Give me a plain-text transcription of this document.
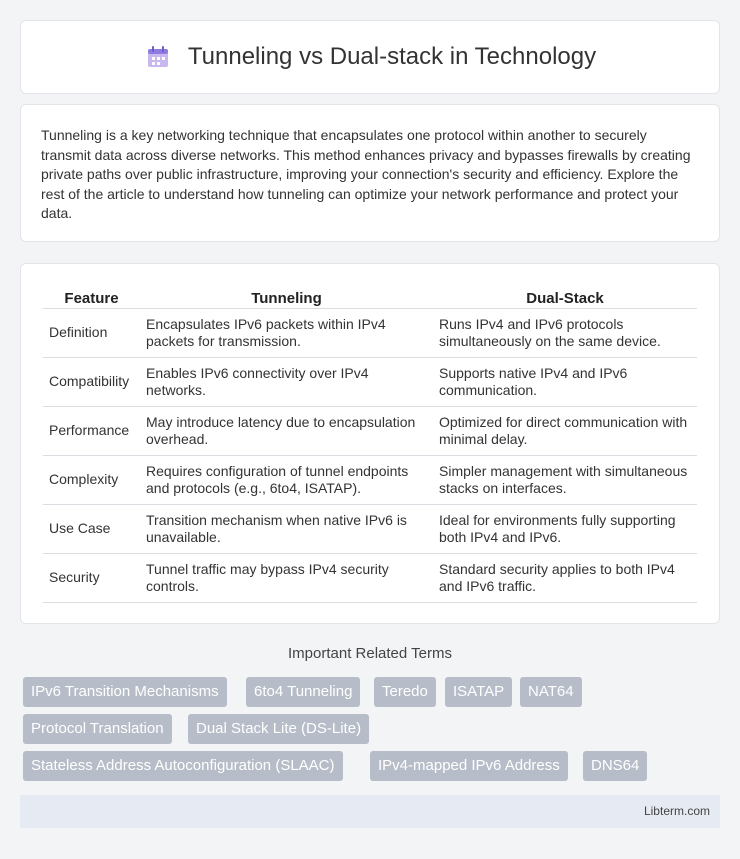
Tunneling vs Dual-stack in Technology

Tunneling is a key networking technique that encapsulates one protocol within another to securely transmit data across diverse networks. This method enhances privacy and bypasses firewalls by creating private paths over public infrastructure, improving your connection's security and efficiency. Explore the rest of the article to understand how tunneling can optimize your network performance and protect your data.

Feature	Tunneling	Dual-Stack
Definition	Encapsulates IPv6 packets within IPv4 packets for transmission.	Runs IPv4 and IPv6 protocols simultaneously on the same device.
Compatibility	Enables IPv6 connectivity over IPv4 networks.	Supports native IPv4 and IPv6 communication.
Performance	May introduce latency due to encapsulation overhead.	Optimized for direct communication with minimal delay.
Complexity	Requires configuration of tunnel endpoints and protocols (e.g., 6to4, ISATAP).	Simpler management with simultaneous stacks on interfaces.
Use Case	Transition mechanism when native IPv6 is unavailable.	Ideal for environments fully supporting both IPv4 and IPv6.
Security	Tunnel traffic may bypass IPv4 security controls.	Standard security applies to both IPv4 and IPv6 traffic.
Important Related Terms
IPv6 Transition Mechanisms	6to4 Tunneling	Teredo	ISATAP	NAT64
Protocol Translation	Dual Stack Lite (DS-Lite)
Stateless Address Autoconfiguration (SLAAC)	IPv4-mapped IPv6 Address	DNS64
Libterm.com
